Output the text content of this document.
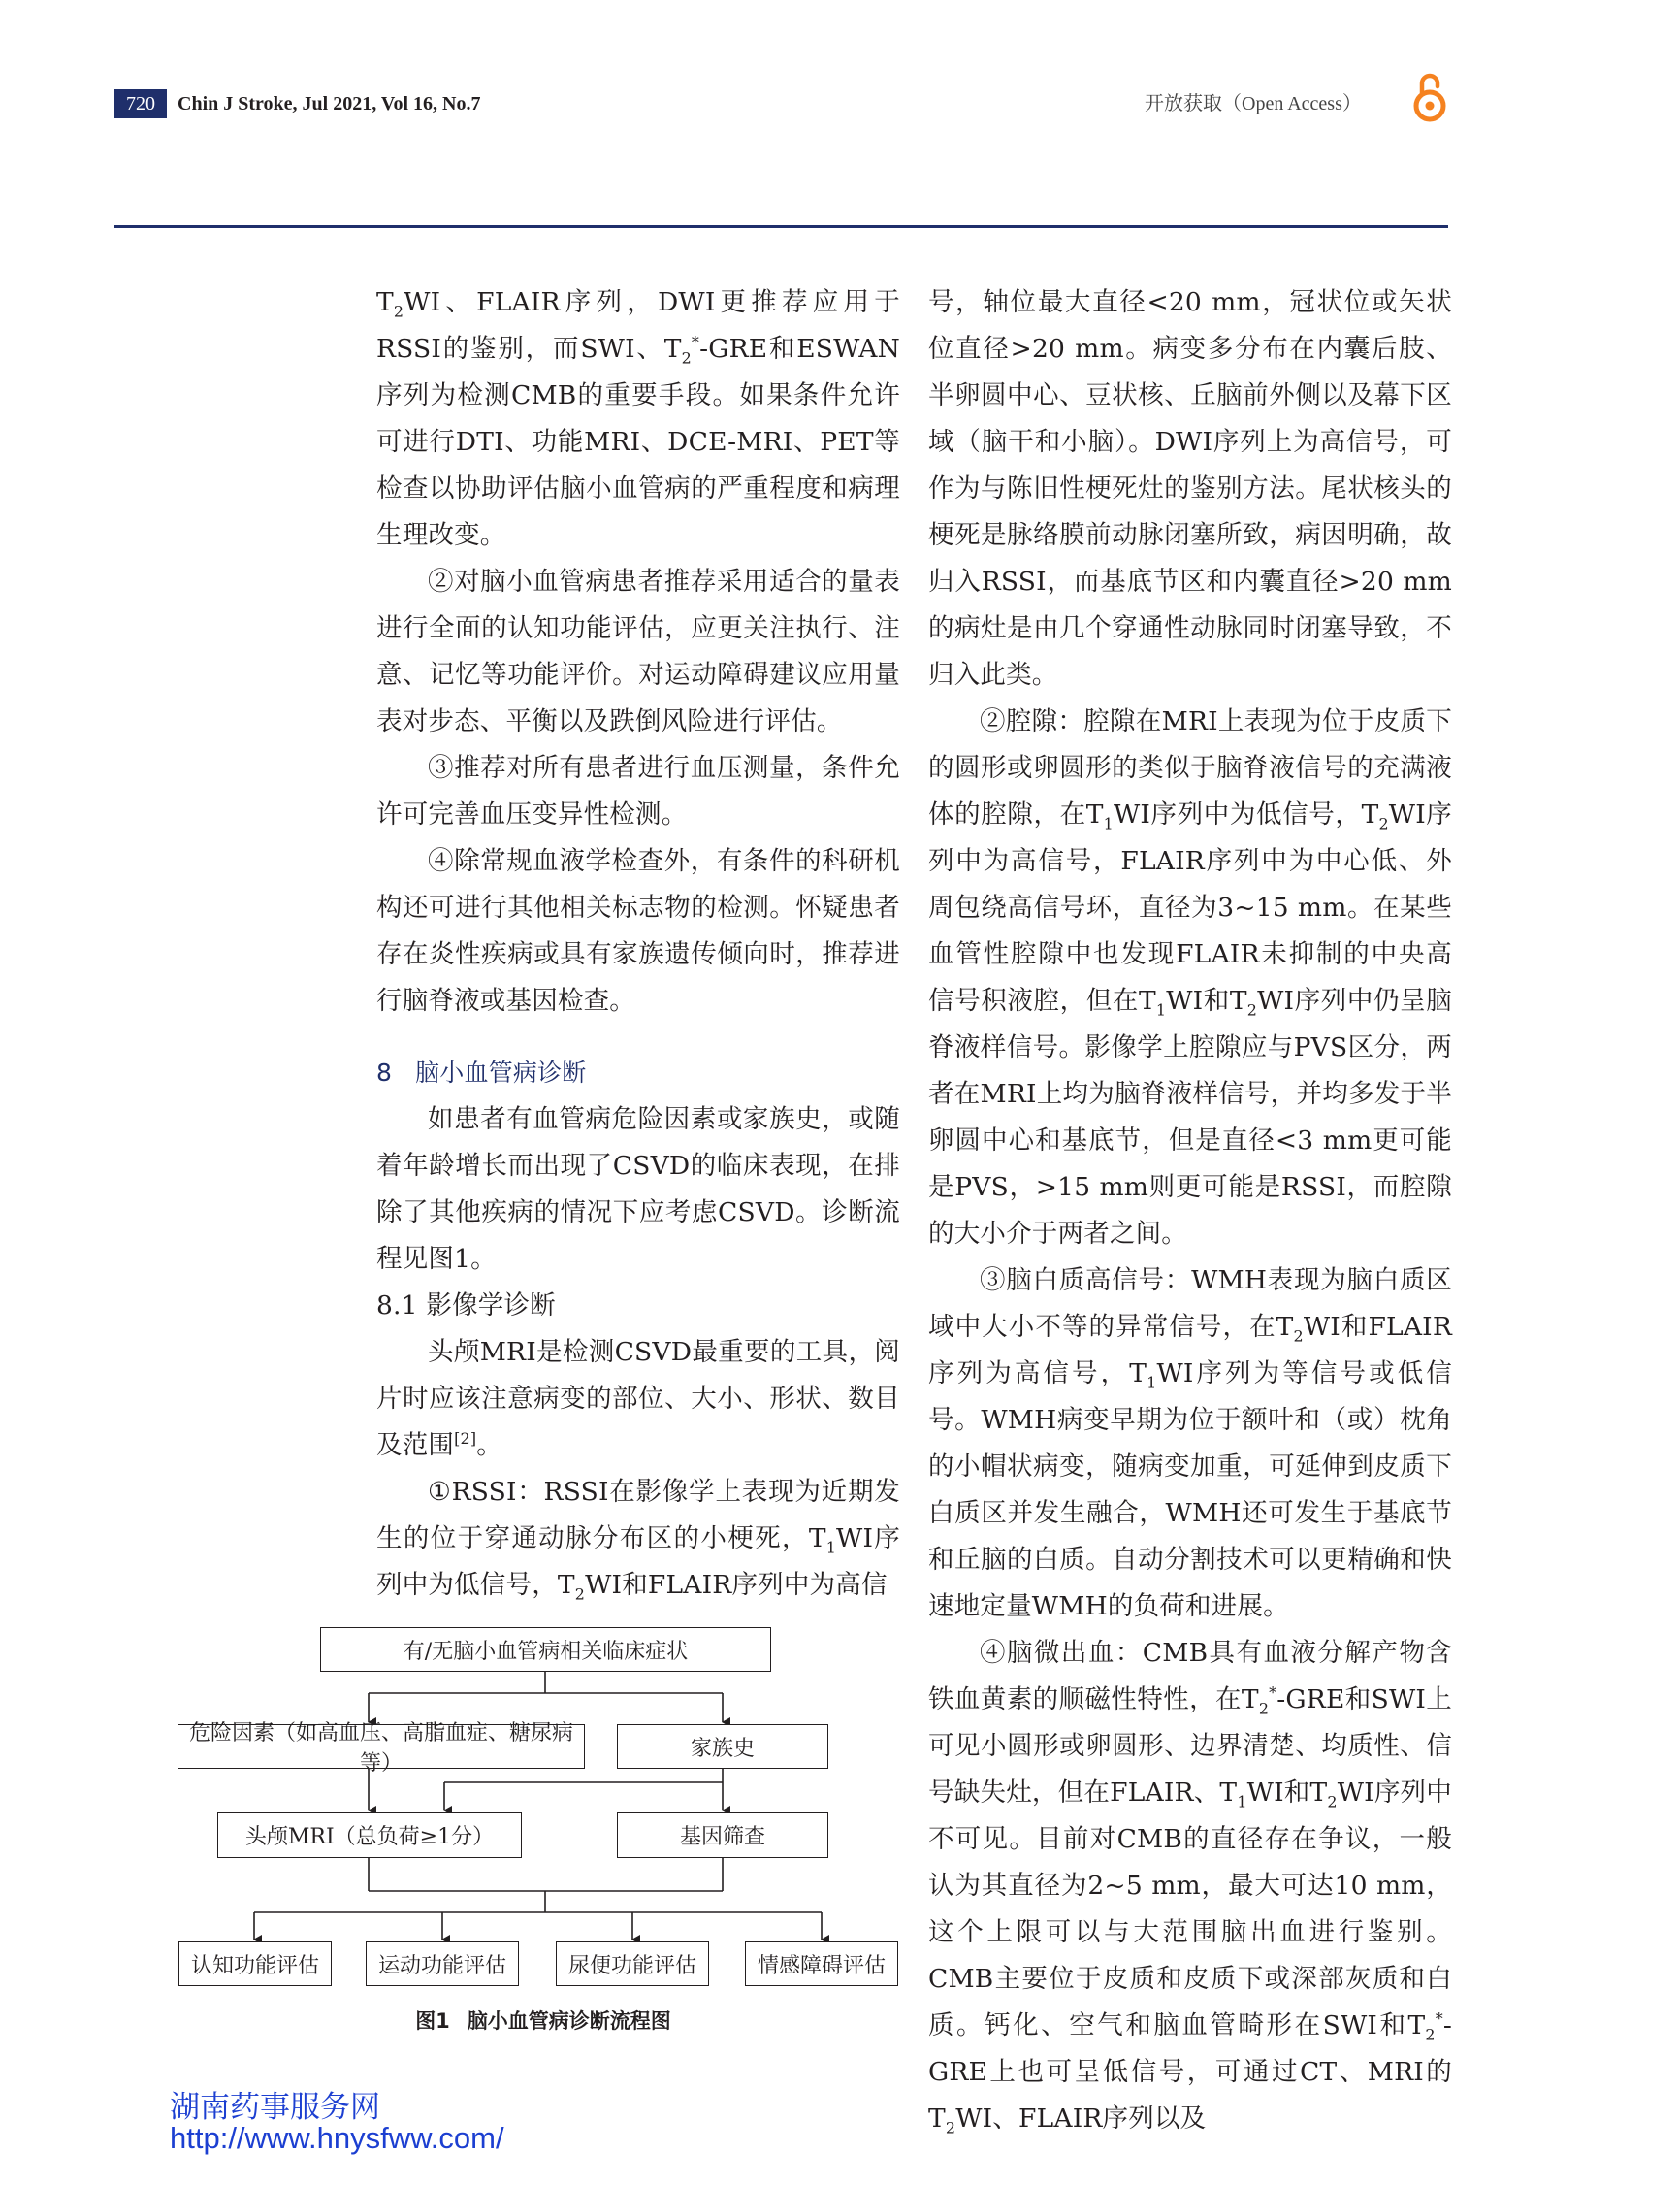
720	Chin J Stroke, Jul 2021, Vol 16, No.7	开放获取（Open Access）

$T_2WI$、FLAIR序列，DWI更推荐应用于RSSI的鉴别，而SWI、$T_2^*$-GRE和ESWAN序列为检测CMB的重要手段。如果条件允许可进行DTI、功能MRI、DCE-MRI、PET等检查以协助评估脑小血管病的严重程度和病理生理改变。

②对脑小血管病患者推荐采用适合的量表进行全面的认知功能评估，应更关注执行、注意、记忆等功能评价。对运动障碍建议应用量表对步态、平衡以及跌倒风险进行评估。

③推荐对所有患者进行血压测量，条件允许可完善血压变异性检测。

④除常规血液学检查外，有条件的科研机构还可进行其他相关标志物的检测。怀疑患者存在炎性疾病或具有家族遗传倾向时，推荐进行脑脊液或基因检查。

8 脑小血管病诊断

如患者有血管病危险因素或家族史，或随着年龄增长而出现了CSVD的临床表现，在排除了其他疾病的情况下应考虑CSVD。诊断流程见图1。

8.1 影像学诊断

头颅MRI是检测CSVD最重要的工具，阅片时应该注意病变的部位、大小、形状、数目及范围[2]。

①RSSI：RSSI在影像学上表现为近期发生的位于穿通动脉分布区的小梗死，$T_1WI$序列中为低信号，$T_2WI$和FLAIR序列中为高信

号，轴位最大直径<20 mm，冠状位或矢状位直径>20 mm。病变多分布在内囊后肢、半卵圆中心、豆状核、丘脑前外侧以及幕下区域（脑干和小脑）。DWI序列上为高信号，可作为与陈旧性梗死灶的鉴别方法。尾状核头的梗死是脉络膜前动脉闭塞所致，病因明确，故归入RSSI，而基底节区和内囊直径>20 mm的病灶是由几个穿通性动脉同时闭塞导致，不归入此类。

②腔隙：腔隙在MRI上表现为位于皮质下的圆形或卵圆形的类似于脑脊液信号的充满液体的腔隙，在$T_1WI$序列中为低信号，$T_2WI$序列中为高信号，FLAIR序列中为中心低、外周包绕高信号环，直径为3~15 mm。在某些血管性腔隙中也发现FLAIR未抑制的中央高信号积液腔，但在$T_1WI$和$T_2WI$序列中仍呈脑脊液样信号。影像学上腔隙应与PVS区分，两者在MRI上均为脑脊液样信号，并均多发于半卵圆中心和基底节，但是直径<3 mm更可能是PVS，>15 mm则更可能是RSSI，而腔隙的大小介于两者之间。

③脑白质高信号：WMH表现为脑白质区域中大小不等的异常信号，在$T_2WI$和FLAIR序列为高信号，$T_1WI$序列为等信号或低信号。WMH病变早期为位于额叶和（或）枕角的小帽状病变，随病变加重，可延伸到皮质下白质区并发生融合，WMH还可发生于基底节和丘脑的白质。自动分割技术可以更精确和快速地定量WMH的负荷和进展。

④脑微出血：CMB具有血液分解产物含铁血黄素的顺磁性特性，在$T_2^*$-GRE和SWI上可见小圆形或卵圆形、边界清楚、均质性、信号缺失灶，但在FLAIR、$T_1WI$和$T_2WI$序列中不可见。目前对CMB的直径存在争议，一般认为其直径为2~5 mm，最大可达10 mm，这个上限可以与大范围脑出血进行鉴别。CMB主要位于皮质和皮质下或深部灰质和白质。钙化、空气和脑血管畸形在SWI和$T_2^*$-GRE上也可呈低信号，可通过CT、MRI的$T_2WI$、FLAIR序列以及

有/无脑小血管病相关临床症状
危险因素（如高血压、高脂血症、糖尿病等）
家族史
头颅MRI（总负荷≥1分）	基因筛查
认知功能评估	运动功能评估	尿便功能评估	情感障碍评估
图1 脑小血管病诊断流程图
湖南药事服务网
http://www.hnysfww.com/
